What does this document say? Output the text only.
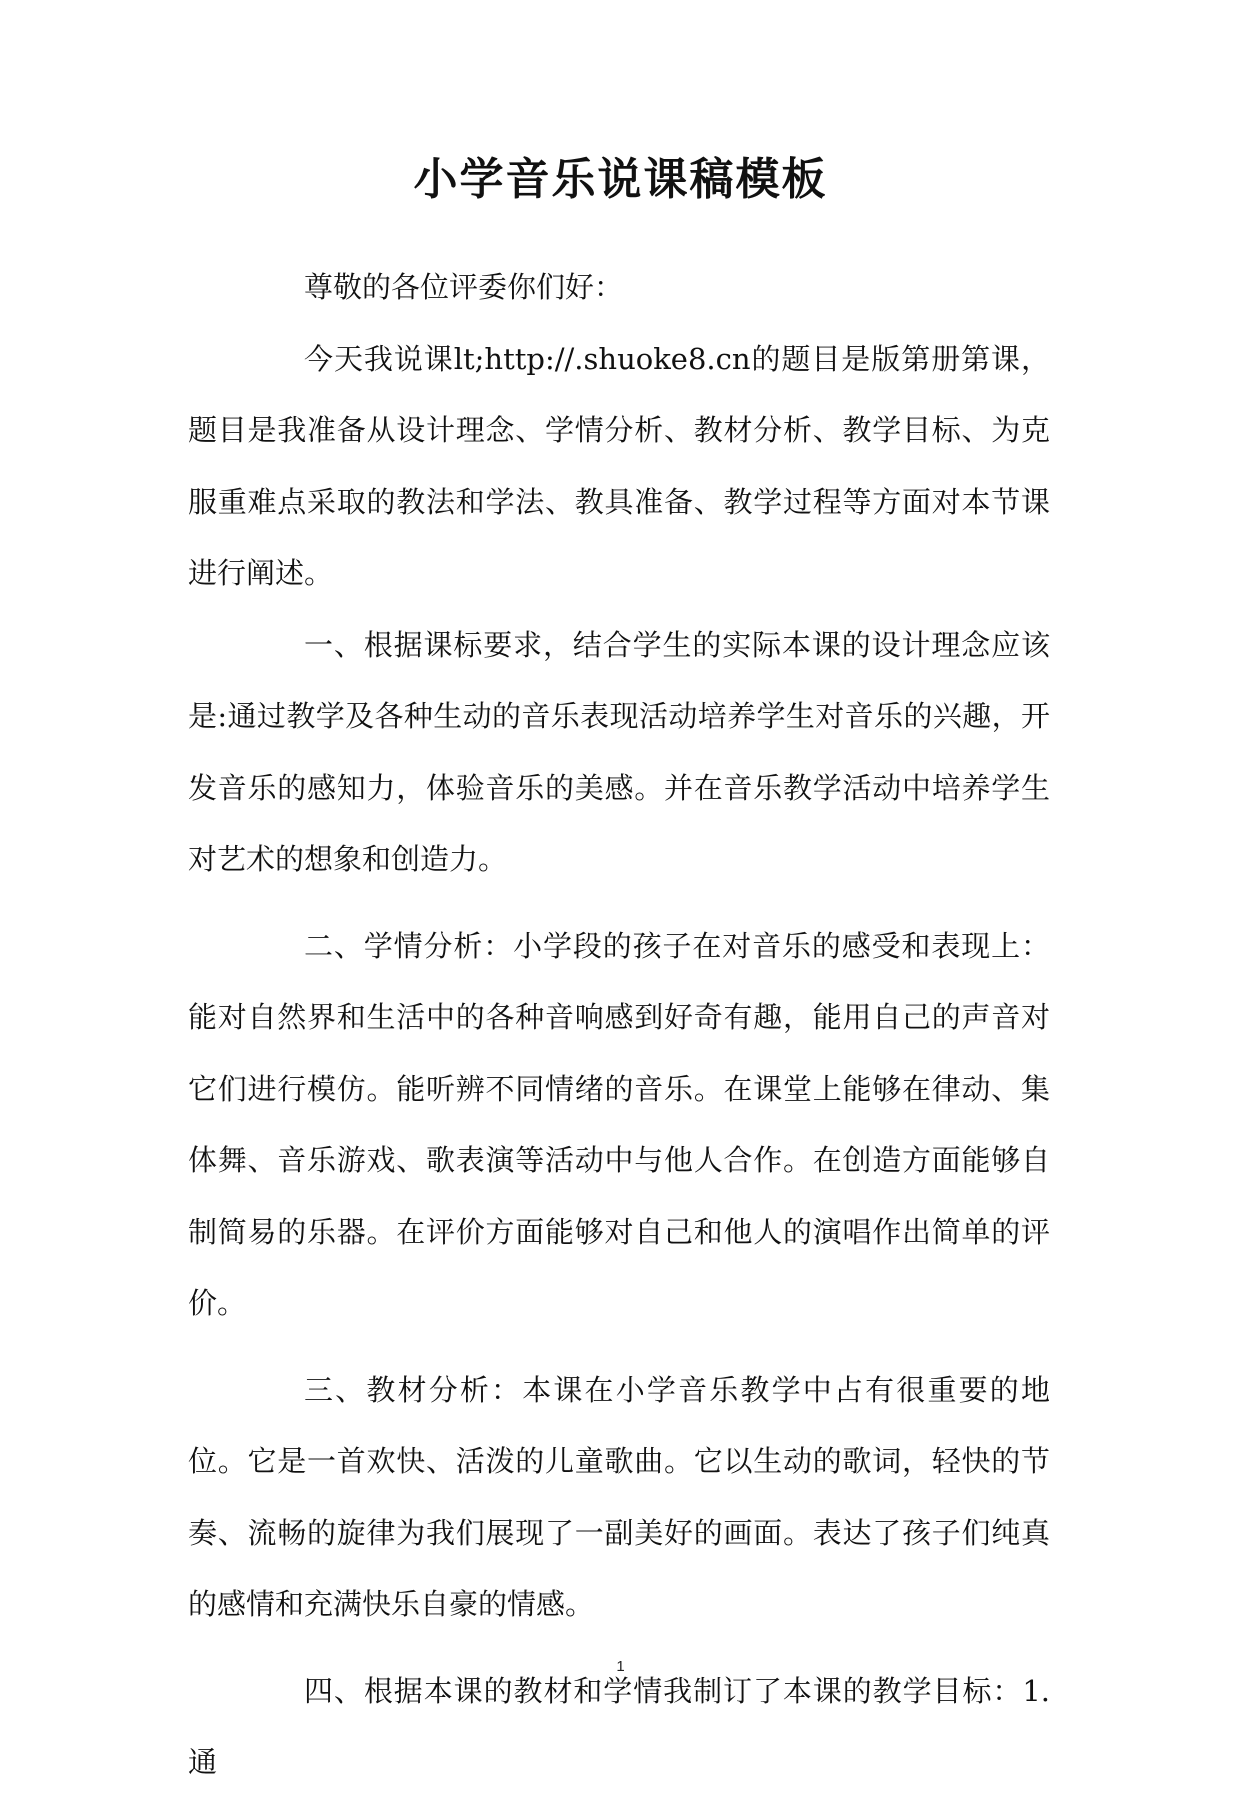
小学音乐说课稿模板

尊敬的各位评委你们好：

今天我说课lt;http://.shuoke8.cn的题目是版第册第课，题目是我准备从设计理念、学情分析、教材分析、教学目标、为克服重难点采取的教法和学法、教具准备、教学过程等方面对本节课进行阐述。

一、根据课标要求，结合学生的实际本课的设计理念应该是:通过教学及各种生动的音乐表现活动培养学生对音乐的兴趣，开发音乐的感知力，体验音乐的美感。并在音乐教学活动中培养学生对艺术的想象和创造力。

二、学情分析：小学段的孩子在对音乐的感受和表现上：能对自然界和生活中的各种音响感到好奇有趣，能用自己的声音对它们进行模仿。能听辨不同情绪的音乐。在课堂上能够在律动、集体舞、音乐游戏、歌表演等活动中与他人合作。在创造方面能够自制简易的乐器。在评价方面能够对自己和他人的演唱作出简单的评价。

三、教材分析：本课在小学音乐教学中占有很重要的地位。它是一首欢快、活泼的儿童歌曲。它以生动的歌词，轻快的节奏、流畅的旋律为我们展现了一副美好的画面。表达了孩子们纯真的感情和充满快乐自豪的情感。

四、根据本课的教材和学情我制订了本课的教学目标：1.通

1
